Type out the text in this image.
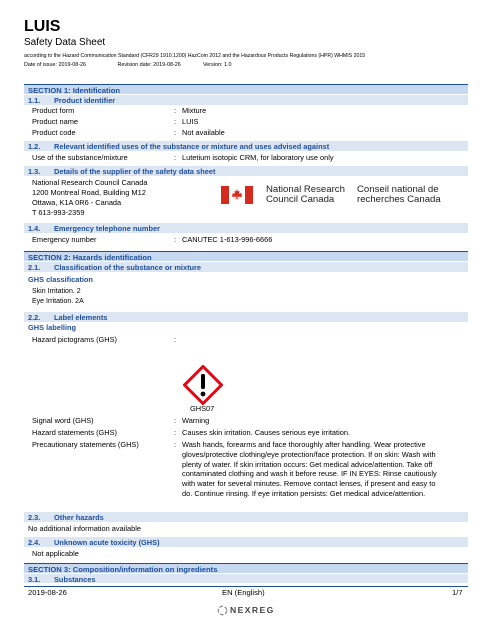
LUIS
Safety Data Sheet
according to the Hazard Communication Standard (CFR29 1910.1200) HazCom 2012 and the Hazardous Products Regulations (HPR) WHMIS 2015
Date of issue: 2019-08-26	Revision date: 2019-08-26	Version: 1.0
SECTION 1: Identification
1.1. Product identifier
Product form	: Mixture
Product name	: LUIS
Product code	: Not available
1.2. Relevant identified uses of the substance or mixture and uses advised against
Use of the substance/mixture	: Lutetium isotopic CRM, for laboratory use only
1.3. Details of the supplier of the safety data sheet
National Research Council Canada
1200 Montreal Road, Building M12
Ottawa, K1A 0R6 - Canada
T 613-993-2359
National Research
Council Canada
Conseil national de
recherches Canada
1.4. Emergency telephone number
Emergency number	: CANUTEC 1-613-996-6666
SECTION 2: Hazards identification
2.1. Classification of the substance or mixture
GHS classification
Skin Irritation. 2
Eye Irritation. 2A
2.2. Label elements
GHS labelling
Hazard pictograms (GHS)	:
GHS07
Signal word (GHS)	: Warning
Hazard statements (GHS)	: Causes skin irritation. Causes serious eye irritation.
Precautionary statements (GHS)	: Wash hands, forearms and face thoroughly after handling. Wear protective gloves/protective clothing/eye protection/face protection. If on skin: Wash with plenty of water. If skin irritation occurs: Get medical advice/attention. Take off contaminated clothing and wash it before reuse. IF IN EYES: Rinse cautiously with water for several minutes. Remove contact lenses, if present and easy to do. Continue rinsing. If eye irritation persists: Get medical advice/attention.
2.3. Other hazards
No additional information available
2.4. Unknown acute toxicity (GHS)
Not applicable
SECTION 3: Composition/information on ingredients
3.1. Substances
2019-08-26	EN (English)	1/7
NEXREG
